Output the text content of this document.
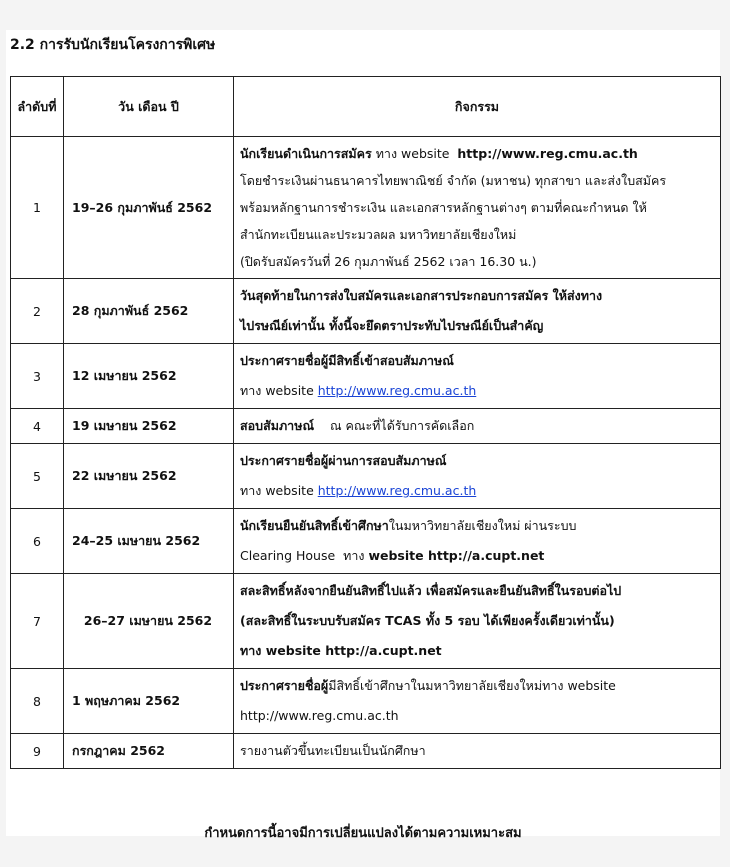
2.2 การรับนักเรียนโครงการพิเศษ
ลำดับที่	วัน เดือน ปี	กิจกรรม
1	19–26 กุมภาพันธ์ 2562	นักเรียนดำเนินการสมัคร ทาง website  http://www.reg.cmu.ac.th
โดยชำระเงินผ่านธนาคารไทยพาณิชย์ จำกัด (มหาชน) ทุกสาขา และส่งใบสมัคร
พร้อมหลักฐานการชำระเงิน และเอกสารหลักฐานต่างๆ ตามที่คณะกำหนด ให้
สำนักทะเบียนและประมวลผล มหาวิทยาลัยเชียงใหม่
(ปิดรับสมัครวันที่ 26 กุมภาพันธ์ 2562 เวลา 16.30 น.)

2	28 กุมภาพันธ์ 2562	วันสุดท้ายในการส่งใบสมัครและเอกสารประกอบการสมัคร ให้ส่งทาง
ไปรษณีย์เท่านั้น ทั้งนี้จะยึดตราประทับไปรษณีย์เป็นสำคัญ

3	12 เมษายน 2562	ประกาศรายชื่อผู้มีสิทธิ์เข้าสอบสัมภาษณ์
ทาง website http://www.reg.cmu.ac.th

4	19 เมษายน 2562	สอบสัมภาษณ์    ณ คณะที่ได้รับการคัดเลือก

5	22 เมษายน 2562	ประกาศรายชื่อผู้ผ่านการสอบสัมภาษณ์
ทาง website http://www.reg.cmu.ac.th

6	24–25 เมษายน 2562	นักเรียนยืนยันสิทธิ์เข้าศึกษาในมหาวิทยาลัยเชียงใหม่ ผ่านระบบ
Clearing House  ทาง website http://a.cupt.net

7	26–27 เมษายน 2562	สละสิทธิ์หลังจากยืนยันสิทธิ์ไปแล้ว เพื่อสมัครและยืนยันสิทธิ์ในรอบต่อไป
(สละสิทธิ์ในระบบรับสมัคร TCAS ทั้ง 5 รอบ ได้เพียงครั้งเดียวเท่านั้น)
ทาง website http://a.cupt.net

8	1 พฤษภาคม 2562	ประกาศรายชื่อผู้มีสิทธิ์เข้าศึกษาในมหาวิทยาลัยเชียงใหม่ทาง website
http://www.reg.cmu.ac.th

9	กรกฎาคม 2562	รายงานตัวขึ้นทะเบียนเป็นนักศึกษา
กำหนดการนี้อาจมีการเปลี่ยนแปลงได้ตามความเหมาะสม
